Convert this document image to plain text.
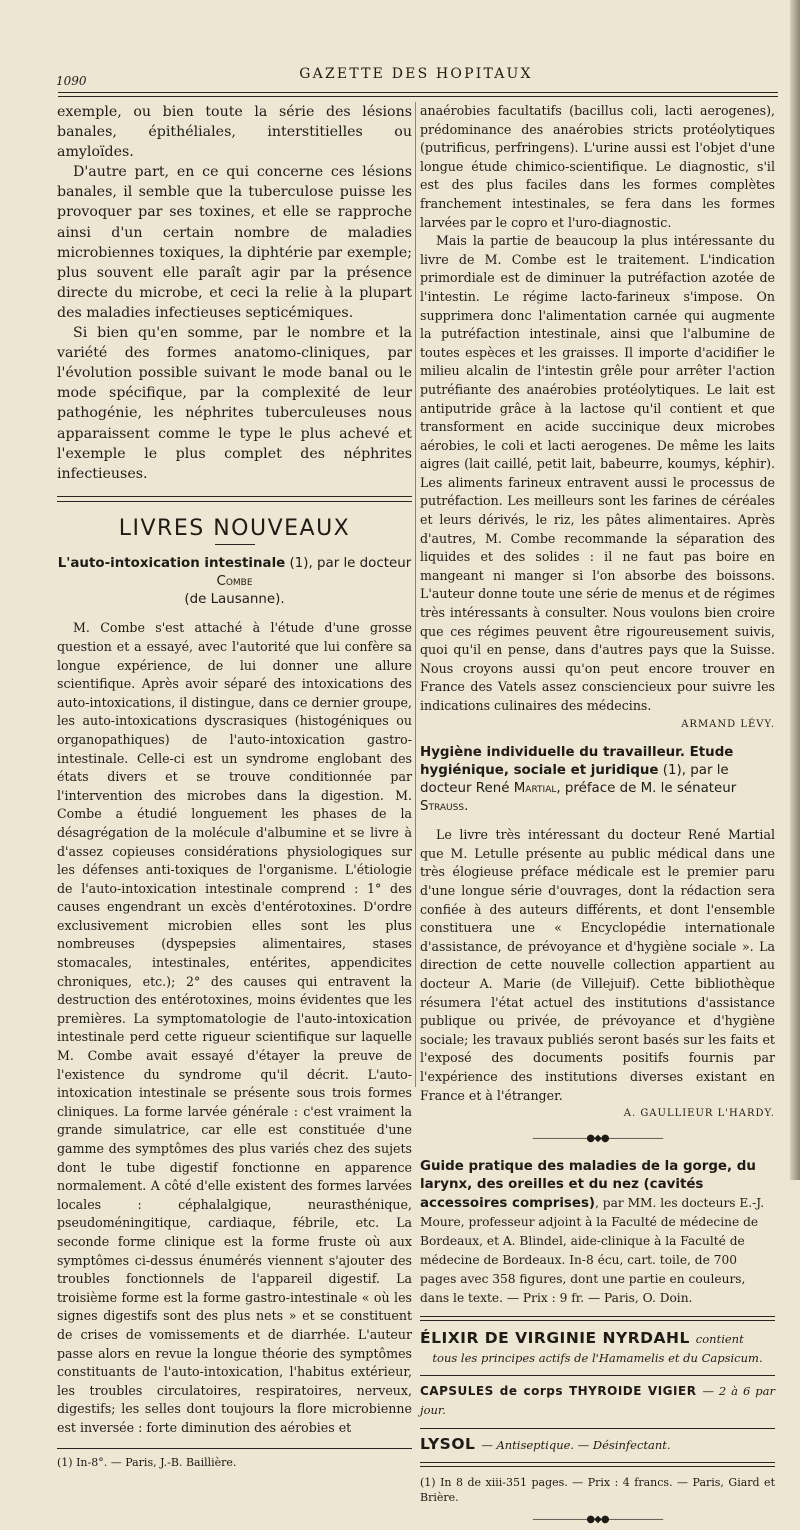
1090	GAZETTE DES HOPITAUX

exemple, ou bien toute la série des lésions banales, épithéliales, interstitielles ou amyloïdes.

D'autre part, en ce qui concerne ces lésions banales, il semble que la tuberculose puisse les provoquer par ses toxines, et elle se rapproche ainsi d'un certain nombre de maladies microbiennes toxiques, la diphtérie par exemple; plus souvent elle paraît agir par la présence directe du microbe, et ceci la relie à la plupart des maladies infectieuses septicémiques.

Si bien qu'en somme, par le nombre et la variété des formes anatomo-cliniques, par l'évolution possible suivant le mode banal ou le mode spécifique, par la complexité de leur pathogénie, les néphrites tuberculeuses nous apparaissent comme le type le plus achevé et l'exemple le plus complet des néphrites infectieuses.

LIVRES NOUVEAUX
L'auto-intoxication intestinale (1), par le docteur Combe
(de Lausanne).

M. Combe s'est attaché à l'étude d'une grosse question et a essayé, avec l'autorité que lui confère sa longue expérience, de lui donner une allure scientifique. Après avoir séparé des intoxications des auto-intoxications, il distingue, dans ce dernier groupe, les auto-intoxications dyscrasiques (histogéniques ou organopathiques) de l'auto-intoxication gastro-intestinale. Celle-ci est un syndrome englobant des états divers et se trouve conditionnée par l'intervention des microbes dans la digestion. M. Combe a étudié longuement les phases de la désagrégation de la molécule d'albumine et se livre à d'assez copieuses considérations physiologiques sur les défenses anti-toxiques de l'organisme. L'étiologie de l'auto-intoxication intestinale comprend : 1° des causes engendrant un excès d'entérotoxines. D'ordre exclusivement microbien elles sont les plus nombreuses (dyspepsies alimentaires, stases stomacales, intestinales, entérites, appendicites chroniques, etc.); 2° des causes qui entravent la destruction des entérotoxines, moins évidentes que les premières. La symptomatologie de l'auto-intoxication intestinale perd cette rigueur scientifique sur laquelle M. Combe avait essayé d'étayer la preuve de l'existence du syndrome qu'il décrit. L'auto-intoxication intestinale se présente sous trois formes cliniques. La forme larvée générale : c'est vraiment la grande simulatrice, car elle est constituée d'une gamme des symptômes des plus variés chez des sujets dont le tube digestif fonctionne en apparence normalement. A côté d'elle existent des formes larvées locales : céphalalgique, neurasthénique, pseudoméningitique, cardiaque, fébrile, etc. La seconde forme clinique est la forme fruste où aux symptômes ci-dessus énumérés viennent s'ajouter des troubles fonctionnels de l'appareil digestif. La troisième forme est la forme gastro-intestinale « où les signes digestifs sont des plus nets » et se constituent de crises de vomissements et de diarrhée. L'auteur passe alors en revue la longue théorie des symptômes constituants de l'auto-intoxication, l'habitus extérieur, les troubles circulatoires, respiratoires, nerveux, digestifs; les selles dont toujours la flore microbienne est inversée : forte diminution des aérobies et

(1) In-8°. — Paris, J.-B. Baillière.

anaérobies facultatifs (bacillus coli, lacti aerogenes), prédominance des anaérobies stricts protéolytiques (putrificus, perfringens). L'urine aussi est l'objet d'une longue étude chimico-scientifique. Le diagnostic, s'il est des plus faciles dans les formes complètes franchement intestinales, se fera dans les formes larvées par le copro et l'uro-diagnostic.

Mais la partie de beaucoup la plus intéressante du livre de M. Combe est le traitement. L'indication primordiale est de diminuer la putréfaction azotée de l'intestin. Le régime lacto-farineux s'impose. On supprimera donc l'alimentation carnée qui augmente la putréfaction intestinale, ainsi que l'albumine de toutes espèces et les graisses. Il importe d'acidifier le milieu alcalin de l'intestin grêle pour arrêter l'action putréfiante des anaérobies protéolytiques. Le lait est antiputride grâce à la lactose qu'il contient et que transforment en acide succinique deux microbes aérobies, le coli et lacti aerogenes. De même les laits aigres (lait caillé, petit lait, babeurre, koumys, képhir). Les aliments farineux entravent aussi le processus de putréfaction. Les meilleurs sont les farines de céréales et leurs dérivés, le riz, les pâtes alimentaires. Après d'autres, M. Combe recommande la séparation des liquides et des solides : il ne faut pas boire en mangeant ni manger si l'on absorbe des boissons. L'auteur donne toute une série de menus et de régimes très intéressants à consulter. Nous voulons bien croire que ces régimes peuvent être rigoureusement suivis, quoi qu'il en pense, dans d'autres pays que la Suisse. Nous croyons aussi qu'on peut encore trouver en France des Vatels assez consciencieux pour suivre les indications culinaires des médecins.

ARMAND LÉVY.
Hygiène individuelle du travailleur. Etude hygiénique, sociale et juridique (1), par le docteur René Martial, préface de M. le sénateur Strauss.

Le livre très intéressant du docteur René Martial que M. Letulle présente au public médical dans une très élogieuse préface médicale est le premier paru d'une longue série d'ouvrages, dont la rédaction sera confiée à des auteurs différents, et dont l'ensemble constituera une « Encyclopédie internationale d'assistance, de prévoyance et d'hygiène sociale ». La direction de cette nouvelle collection appartient au docteur A. Marie (de Villejuif). Cette bibliothèque résumera l'état actuel des institutions d'assistance publique ou privée, de prévoyance et d'hygiène sociale; les travaux publiés seront basés sur les faits et l'exposé des documents positifs fournis par l'expérience des institutions diverses existant en France et à l'étranger.

A. GAULLIEUR L'HARDY.
——————●◆●——————
Guide pratique des maladies de la gorge, du larynx, des oreilles et du nez (cavités accessoires comprises), par MM. les docteurs E.-J. Moure, professeur adjoint à la Faculté de médecine de Bordeaux, et A. Blindel, aide-clinique à la Faculté de médecine de Bordeaux. In-8 écu, cart. toile, de 700 pages avec 358 figures, dont une partie en couleurs, dans le texte. — Prix : 9 fr. — Paris, O. Doin.
ÉLIXIR DE VIRGINIE NYRDAHL contient
tous les principes actifs de l'Hamamelis et du Capsicum.
CAPSULES de corps THYROIDE VIGIER — 2 à 6 par jour.
LYSOL — Antiseptique. — Désinfectant.

(1) In 8 de xiii-351 pages. — Prix : 4 francs. — Paris, Giard et Brière.

——————●◆●——————
